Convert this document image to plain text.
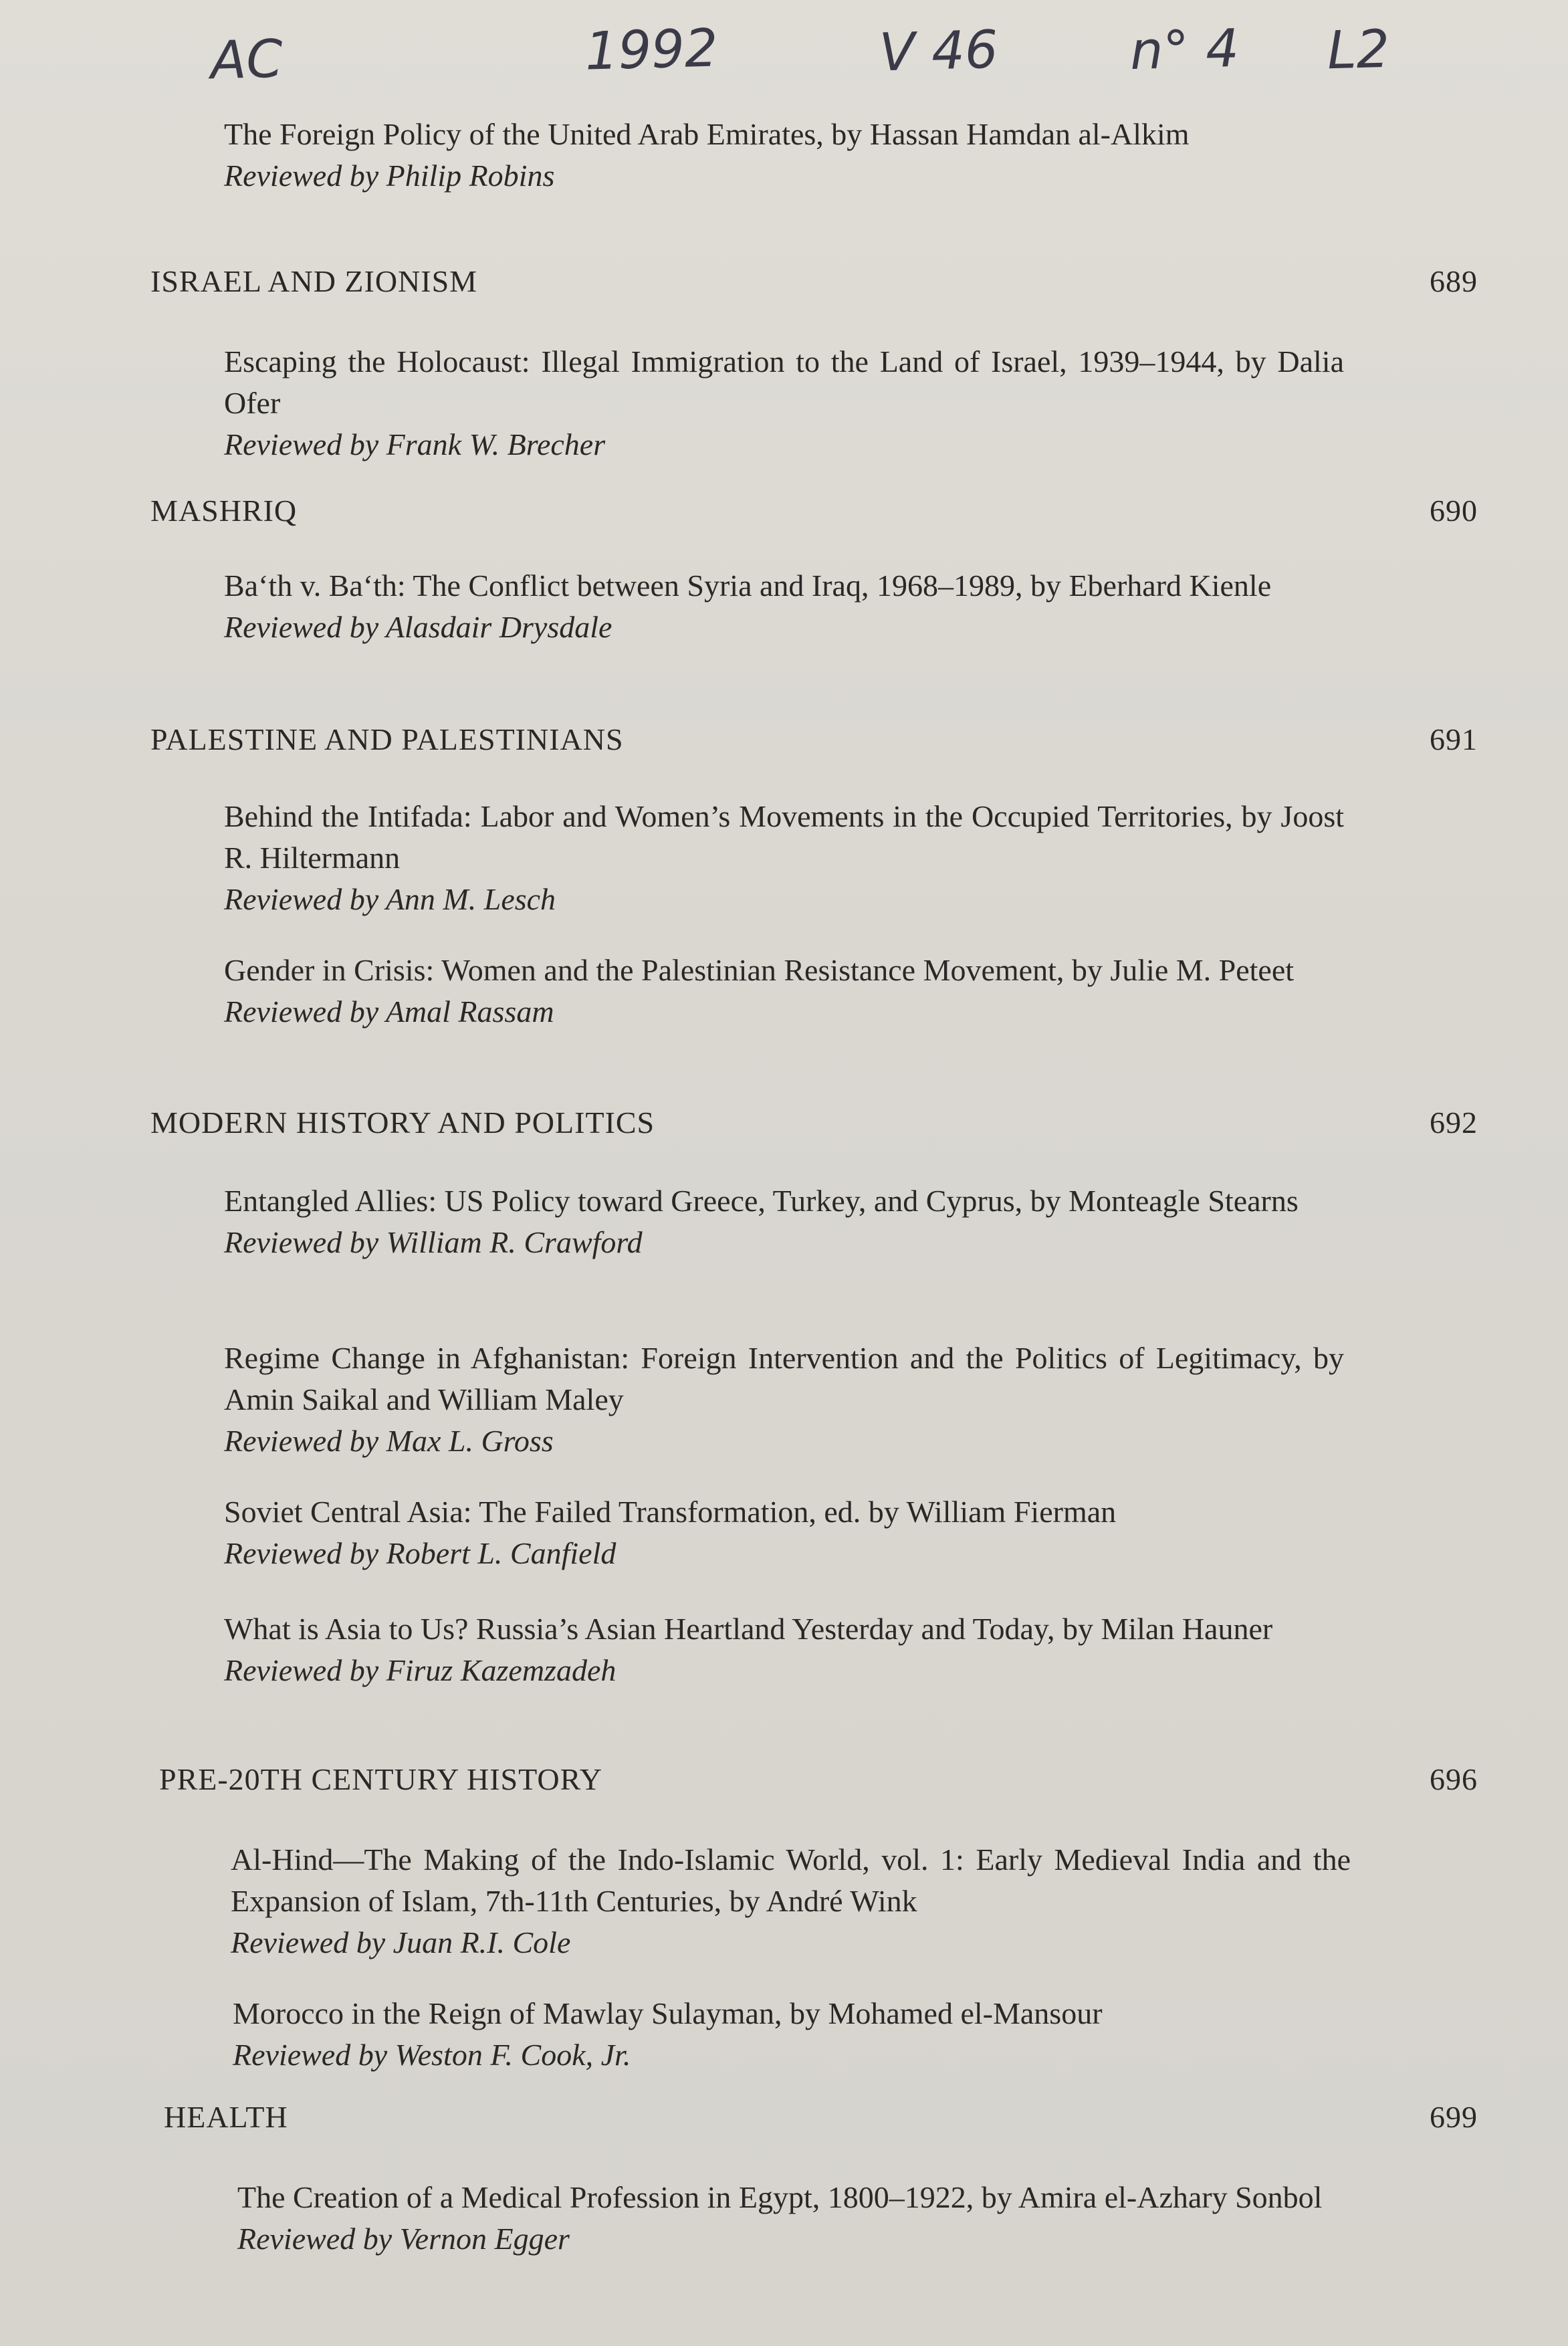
AC	1992	V 46	n° 4 L2
The Foreign Policy of the United Arab Emirates, by Hassan Hamdan al-Alkim
Reviewed by Philip Robins
ISRAEL AND ZIONISM	689
Escaping the Holocaust: Illegal Immigration to the Land of Israel, 1939–1944, by Dalia Ofer
Reviewed by Frank W. Brecher
MASHRIQ	690
Ba‘th v. Ba‘th: The Conflict between Syria and Iraq, 1968–1989, by Eberhard Kienle
Reviewed by Alasdair Drysdale
PALESTINE AND PALESTINIANS	691
Behind the Intifada: Labor and Women’s Movements in the Occupied Territories, by Joost R. Hiltermann
Reviewed by Ann M. Lesch
Gender in Crisis: Women and the Palestinian Resistance Movement, by Julie M. Peteet
Reviewed by Amal Rassam
MODERN HISTORY AND POLITICS	692
Entangled Allies: US Policy toward Greece, Turkey, and Cyprus, by Monteagle Stearns
Reviewed by William R. Crawford
Regime Change in Afghanistan: Foreign Intervention and the Politics of Legitimacy, by Amin Saikal and William Maley
Reviewed by Max L. Gross
Soviet Central Asia: The Failed Transformation, ed. by William Fierman
Reviewed by Robert L. Canfield
What is Asia to Us? Russia’s Asian Heartland Yesterday and Today, by Milan Hauner
Reviewed by Firuz Kazemzadeh
PRE-20TH CENTURY HISTORY	696
Al-Hind—The Making of the Indo-Islamic World, vol. 1: Early Medieval India and the Expansion of Islam, 7th-11th Centuries, by André Wink
Reviewed by Juan R.I. Cole
Morocco in the Reign of Mawlay Sulayman, by Mohamed el-Mansour
Reviewed by Weston F. Cook, Jr.
HEALTH	699
The Creation of a Medical Profession in Egypt, 1800–1922, by Amira el-Azhary Sonbol
Reviewed by Vernon Egger
